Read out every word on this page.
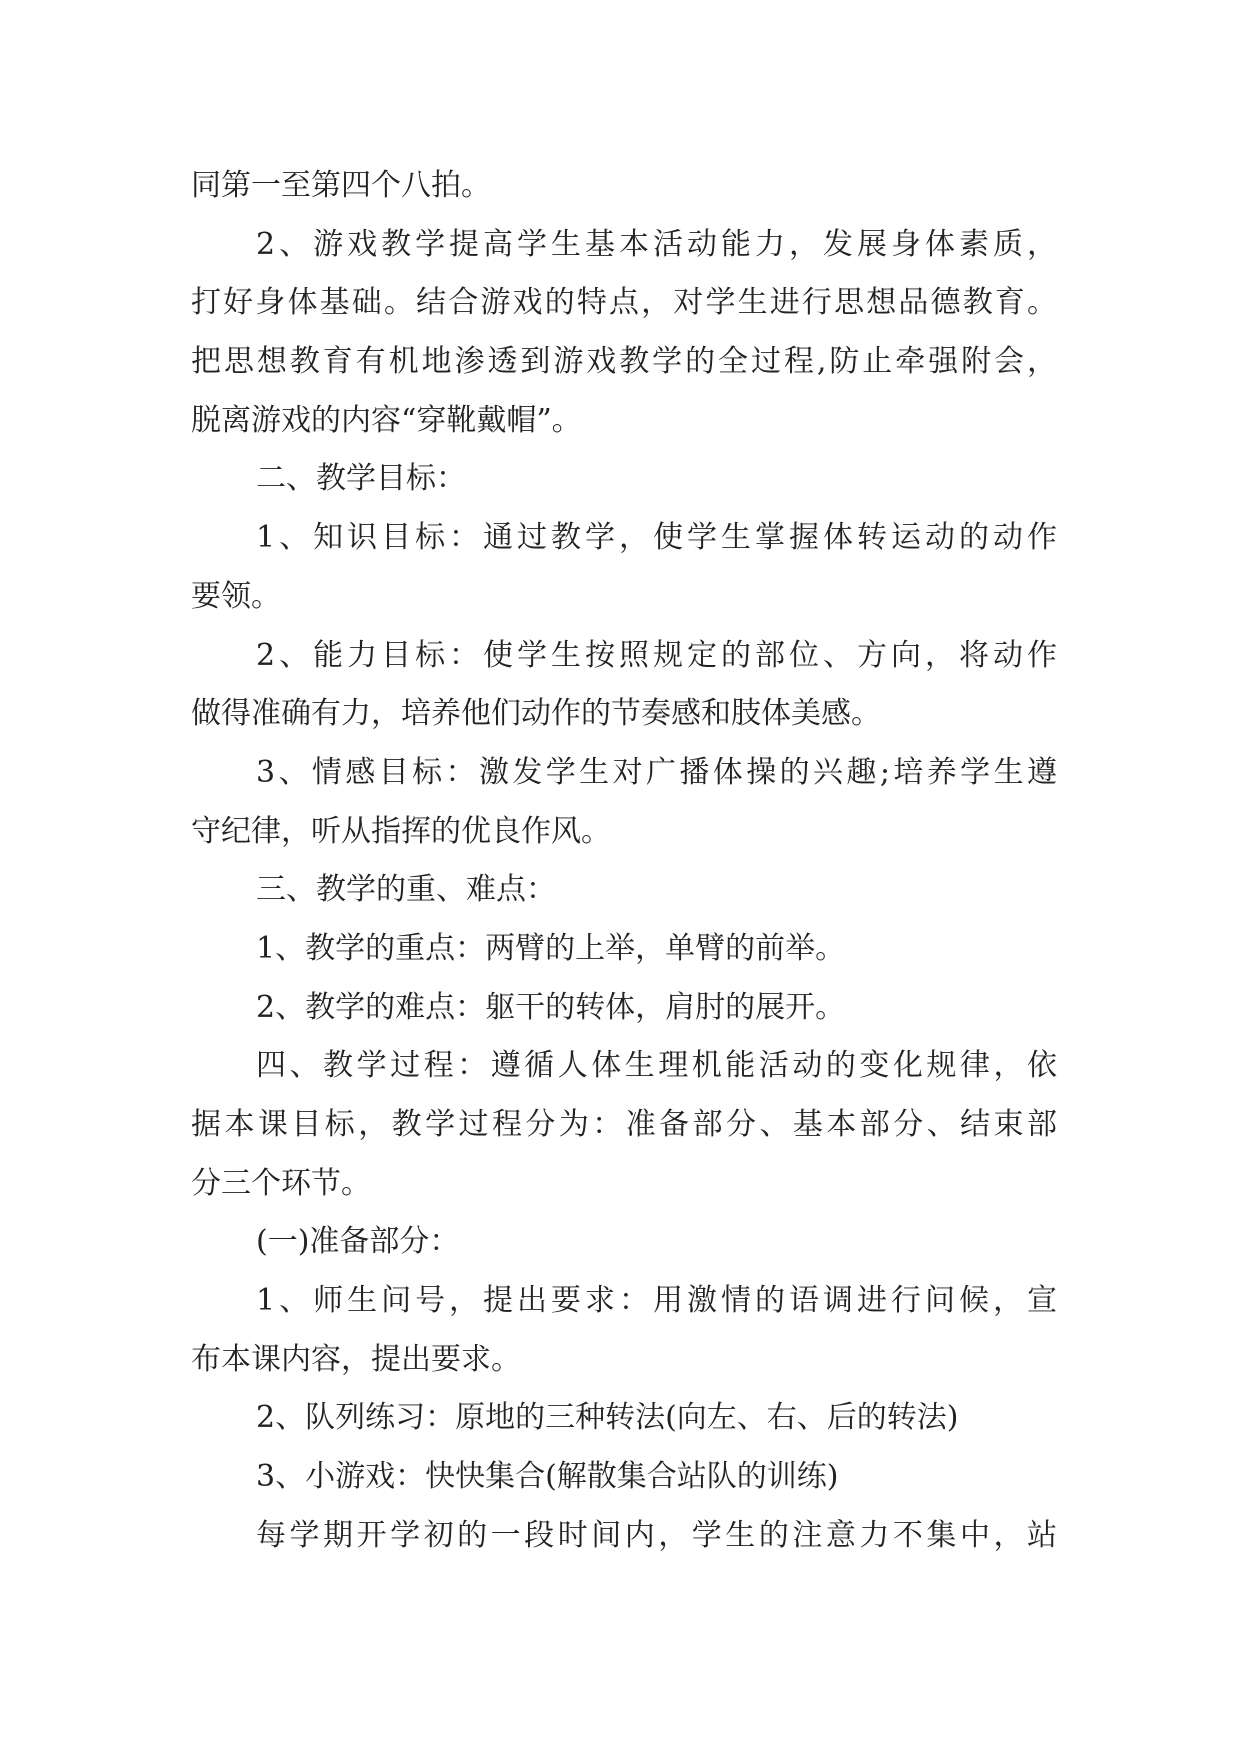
同第一至第四个八拍。
2、游戏教学提高学生基本活动能力，发展身体素质，
打好身体基础。结合游戏的特点，对学生进行思想品德教育。
把思想教育有机地渗透到游戏教学的全过程,防止牵强附会，
脱离游戏的内容“穿靴戴帽”。
二、教学目标：
1、知识目标：通过教学，使学生掌握体转运动的动作
要领。
2、能力目标：使学生按照规定的部位、方向，将动作
做得准确有力，培养他们动作的节奏感和肢体美感。
3、情感目标：激发学生对广播体操的兴趣;培养学生遵
守纪律，听从指挥的优良作风。
三、教学的重、难点：
1、教学的重点：两臂的上举，单臂的前举。
2、教学的难点：躯干的转体，肩肘的展开。
四、教学过程：遵循人体生理机能活动的变化规律，依
据本课目标，教学过程分为：准备部分、基本部分、结束部
分三个环节。
(一)准备部分：
1、师生问号，提出要求：用激情的语调进行问候，宣
布本课内容，提出要求。
2、队列练习：原地的三种转法(向左、右、后的转法)
3、小游戏：快快集合(解散集合站队的训练)
每学期开学初的一段时间内，学生的注意力不集中，站
